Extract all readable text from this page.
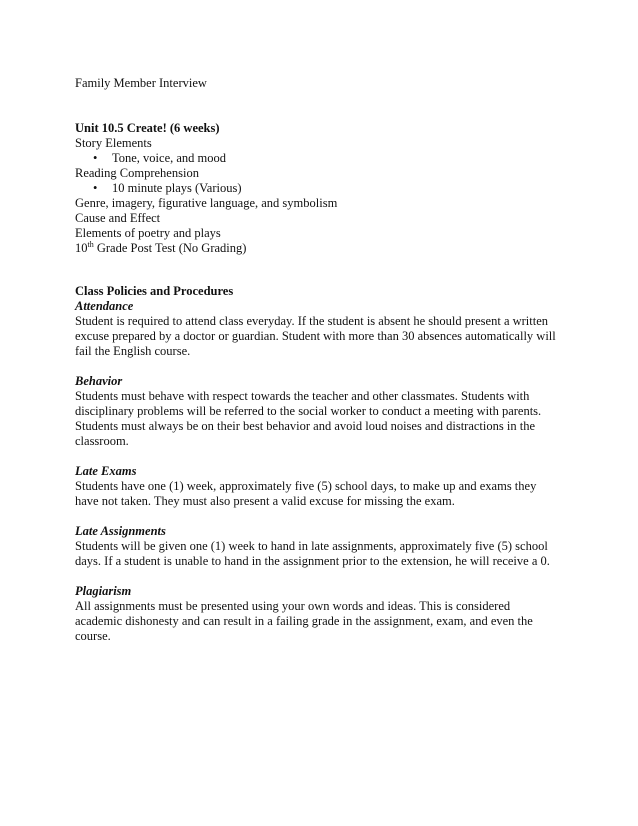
Family Member Interview
Unit 10.5 Create! (6 weeks)
Story Elements
• Tone, voice, and mood
Reading Comprehension
• 10 minute plays (Various)
Genre, imagery, figurative language, and symbolism
Cause and Effect
Elements of poetry and plays
10th Grade Post Test (No Grading)
Class Policies and Procedures
Attendance
Student is required to attend class everyday. If the student is absent he should present a written
excuse prepared by a doctor or guardian. Student with more than 30 absences automatically will
fail the English course.
Behavior
Students must behave with respect towards the teacher and other classmates. Students with
disciplinary problems will be referred to the social worker to conduct a meeting with parents.
Students must always be on their best behavior and avoid loud noises and distractions in the
classroom.
Late Exams
Students have one (1) week, approximately five (5) school days, to make up and exams they
have not taken. They must also present a valid excuse for missing the exam.
Late Assignments
Students will be given one (1) week to hand in late assignments, approximately five (5) school
days. If a student is unable to hand in the assignment prior to the extension, he will receive a 0.
Plagiarism
All assignments must be presented using your own words and ideas. This is considered
academic dishonesty and can result in a failing grade in the assignment, exam, and even the
course.
